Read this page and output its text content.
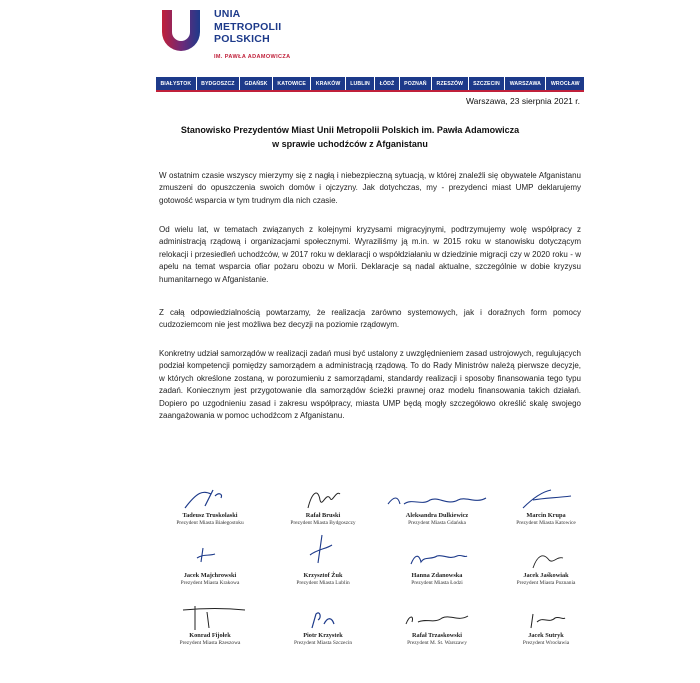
UNIA
METROPOLII
POLSKICH
IM. PAWŁA ADAMOWICZA
BIAŁYSTOK	BYDGOSZCZ	GDAŃSK	KATOWICE	KRAKÓW	LUBLIN	ŁÓDŹ	POZNAŃ	RZESZÓW	SZCZECIN	WARSZAWA	WROCŁAW
Warszawa, 23 sierpnia 2021 r.
Stanowisko Prezydentów Miast Unii Metropolii Polskich im. Pawła Adamowicza
w sprawie uchodźców z Afganistanu

W ostatnim czasie wszyscy mierzymy się z nagłą i niebezpieczną sytuacją, w której znaleźli się obywatele Afganistanu zmuszeni do opuszczenia swoich domów i ojczyzny. Jak dotychczas, my - prezydenci miast UMP deklarujemy gotowość wsparcia w tym trudnym dla nich czasie.

Od wielu lat, w tematach związanych z kolejnymi kryzysami migracyjnymi, podtrzymujemy wolę współpracy z administracją rządową i organizacjami społecznymi. Wyraziliśmy ją m.in. w 2015 roku w stanowisku dotyczącym relokacji i przesiedleń uchodźców, w 2017 roku w deklaracji o współdziałaniu w dziedzinie migracji czy w 2020 roku - w apelu na temat wsparcia ofiar pożaru obozu w Morii. Deklaracje są nadal aktualne, szczególnie w dobie kryzysu humanitarnego w Afganistanie.

Z całą odpowiedzialnością powtarzamy, że realizacja zarówno systemowych, jak i doraźnych form pomocy cudzoziemcom nie jest możliwa bez decyzji na poziomie rządowym.

Konkretny udział samorządów w realizacji zadań musi być ustalony z uwzględnieniem zasad ustrojowych, regulujących podział kompetencji pomiędzy samorządem a administracją rządową. To do Rady Ministrów należą pierwsze decyzje, w których określone zostaną, w porozumieniu z samorządami, standardy realizacji i sposoby finansowania tego typu zadań. Koniecznym jest przygotowanie dla samorządów ścieżki prawnej oraz modelu finansowania takich działań. Dopiero po uzgodnieniu zasad i zakresu współpracy, miasta UMP będą mogły szczegółowo określić skalę swojego zaangażowania w pomoc uchodźcom z Afganistanu.

Tadeusz Truskolaski
Prezydent Miasta Białegostoku
Rafał Bruski
Prezydent Miasta Bydgoszczy
Aleksandra Dulkiewicz
Prezydent Miasta Gdańska
Marcin Krupa
Prezydent Miasta Katowice
Jacek Majchrowski
Prezydent Miasta Krakowa
Krzysztof Żuk
Prezydent Miasta Lublin
Hanna Zdanowska
Prezydent Miasta Łodzi
Jacek Jaśkowiak
Prezydent Miasta Poznania
Konrad Fijołek
Prezydent Miasta Rzeszowa
Piotr Krzystek
Prezydent Miasta Szczecin
Rafał Trzaskowski
Prezydent M. St. Warszawy
Jacek Sutryk
Prezydent Wrocławia
